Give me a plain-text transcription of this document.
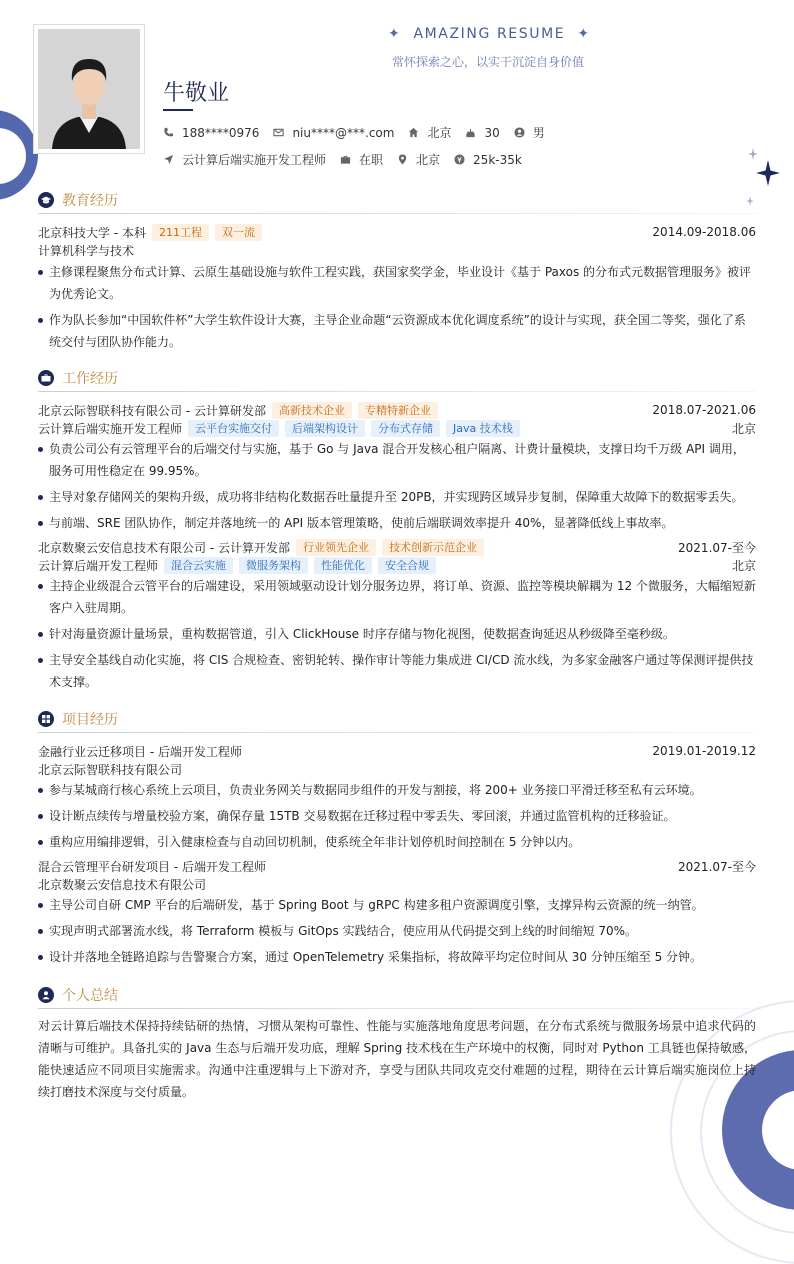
✦ AMAZING RESUME ✦
常怀探索之心，以实干沉淀自身价值
牛敬业
188****0976	niu****@***.com	北京	30	男
云计算后端实施开发工程师	在职	北京	25k-35k
教育经历
北京科技大学 - 本科	211工程	双一流	2014.09-2018.06
计算机科学与技术
主修课程聚焦分布式计算、云原生基础设施与软件工程实践，获国家奖学金，毕业设计《基于 Paxos 的分布式元数据管理服务》被评为优秀论文。
作为队长参加“中国软件杯”大学生软件设计大赛，主导企业命题“云资源成本优化调度系统”的设计与实现，获全国二等奖，强化了系统交付与团队协作能力。
工作经历
北京云际智联科技有限公司 - 云计算研发部	高新技术企业	专精特新企业	2018.07-2021.06
云计算后端实施开发工程师	云平台实施交付	后端架构设计	分布式存储	Java 技术栈	北京
负责公司公有云管理平台的后端交付与实施，基于 Go 与 Java 混合开发核心租户隔离、计费计量模块，支撑日均千万级 API 调用，服务可用性稳定在 99.95%。
主导对象存储网关的架构升级，成功将非结构化数据吞吐量提升至 20PB，并实现跨区域异步复制，保障重大故障下的数据零丢失。
与前端、SRE 团队协作，制定并落地统一的 API 版本管理策略，使前后端联调效率提升 40%，显著降低线上事故率。
北京数聚云安信息技术有限公司 - 云计算开发部	行业领先企业	技术创新示范企业	2021.07-至今
云计算后端开发工程师	混合云实施	微服务架构	性能优化	安全合规	北京
主持企业级混合云管平台的后端建设，采用领域驱动设计划分服务边界，将订单、资源、监控等模块解耦为 12 个微服务，大幅缩短新客户入驻周期。
针对海量资源计量场景，重构数据管道，引入 ClickHouse 时序存储与物化视图，使数据查询延迟从秒级降至毫秒级。
主导安全基线自动化实施，将 CIS 合规检查、密钥轮转、操作审计等能力集成进 CI/CD 流水线，为多家金融客户通过等保测评提供技术支撑。
项目经历
金融行业云迁移项目 - 后端开发工程师	2019.01-2019.12
北京云际智联科技有限公司
参与某城商行核心系统上云项目，负责业务网关与数据同步组件的开发与割接，将 200+ 业务接口平滑迁移至私有云环境。
设计断点续传与增量校验方案，确保存量 15TB 交易数据在迁移过程中零丢失、零回滚，并通过监管机构的迁移验证。
重构应用编排逻辑，引入健康检查与自动回切机制，使系统全年非计划停机时间控制在 5 分钟以内。
混合云管理平台研发项目 - 后端开发工程师	2021.07-至今
北京数聚云安信息技术有限公司
主导公司自研 CMP 平台的后端研发，基于 Spring Boot 与 gRPC 构建多租户资源调度引擎，支撑异构云资源的统一纳管。
实现声明式部署流水线，将 Terraform 模板与 GitOps 实践结合，使应用从代码提交到上线的时间缩短 70%。
设计并落地全链路追踪与告警聚合方案，通过 OpenTelemetry 采集指标，将故障平均定位时间从 30 分钟压缩至 5 分钟。
个人总结
对云计算后端技术保持持续钻研的热情，习惯从架构可靠性、性能与实施落地角度思考问题，在分布式系统与微服务场景中追求代码的清晰与可维护。具备扎实的 Java 生态与后端开发功底，理解 Spring 技术栈在生产环境中的权衡，同时对 Python 工具链也保持敏感，能快速适应不同项目实施需求。沟通中注重逻辑与上下游对齐，享受与团队共同攻克交付难题的过程，期待在云计算后端实施岗位上持续打磨技术深度与交付质量。
